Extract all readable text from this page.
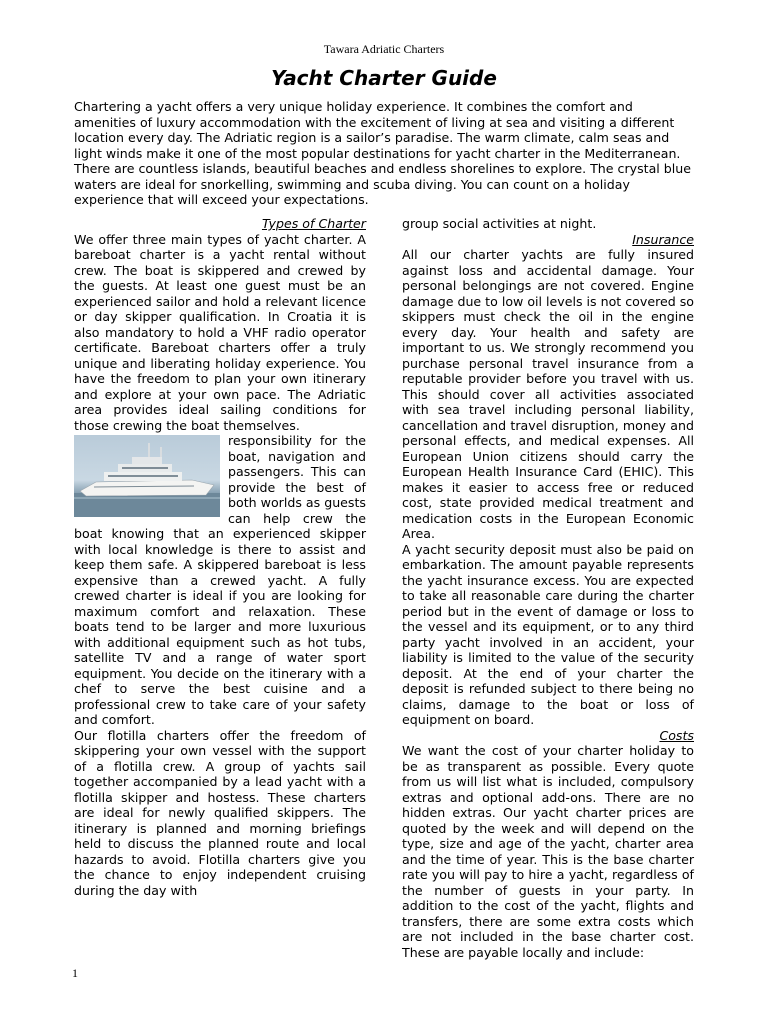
Tawara Adriatic Charters
Yacht Charter Guide

Chartering a yacht offers a very unique holiday experience. It combines the comfort and amenities of luxury accommodation with the excitement of living at sea and visiting a different location every day. The Adriatic region is a sailor’s paradise. The warm climate, calm seas and light winds make it one of the most popular destinations for yacht charter in the Mediterranean. There are countless islands, beautiful beaches and endless shorelines to explore. The crystal blue waters are ideal for snorkelling, swimming and scuba diving. You can count on a holiday experience that will exceed your expectations.

Types of Charter

We offer three main types of yacht charter. A bareboat charter is a yacht rental without crew. The boat is skippered and crewed by the guests. At least one guest must be an experienced sailor and hold a relevant licence or day skipper qualification. In Croatia it is also mandatory to hold a VHF radio operator certificate. Bareboat charters offer a truly unique and liberating holiday experience. You have the freedom to plan your own itinerary and explore at your own pace. The Adriatic area provides ideal sailing conditions for those crewing the boat themselves.

responsibility for the boat, navigation and passengers. This can provide the best of both worlds as guests can help crew the boat knowing that an experienced skipper with local knowledge is there to assist and keep them safe. A skippered bareboat is less expensive than a crewed yacht. A fully crewed charter is ideal if you are looking for maximum comfort and relaxation. These boats tend to be larger and more luxurious with additional equipment such as hot tubs, satellite TV and a range of water sport equipment. You decide on the itinerary with a chef to serve the best cuisine and a professional crew to take care of your safety and comfort.

Our flotilla charters offer the freedom of skippering your own vessel with the support of a flotilla crew. A group of yachts sail together accompanied by a lead yacht with a flotilla skipper and hostess. These charters are ideal for newly qualified skippers. The itinerary is planned and morning briefings held to discuss the planned route and local hazards to avoid. Flotilla charters give you the chance to enjoy independent cruising during the day with

group social activities at night.

Insurance

All our charter yachts are fully insured against loss and accidental damage. Your personal belongings are not covered. Engine damage due to low oil levels is not covered so skippers must check the oil in the engine every day. Your health and safety are important to us. We strongly recommend you purchase personal travel insurance from a reputable provider before you travel with us. This should cover all activities associated with sea travel including personal liability, cancellation and travel disruption, money and personal effects, and medical expenses. All European Union citizens should carry the European Health Insurance Card (EHIC). This makes it easier to access free or reduced cost, state provided medical treatment and medication costs in the European Economic Area.

A yacht security deposit must also be paid on embarkation. The amount payable represents the yacht insurance excess. You are expected to take all reasonable care during the charter period but in the event of damage or loss to the vessel and its equipment, or to any third party yacht involved in an accident, your liability is limited to the value of the security deposit. At the end of your charter the deposit is refunded subject to there being no claims, damage to the boat or loss of equipment on board.

Costs

We want the cost of your charter holiday to be as transparent as possible. Every quote from us will list what is included, compulsory extras and optional add-ons. There are no hidden extras. Our yacht charter prices are quoted by the week and will depend on the type, size and age of the yacht, charter area and the time of year. This is the base charter rate you will pay to hire a yacht, regardless of the number of guests in your party. In addition to the cost of the yacht, flights and transfers, there are some extra costs which are not included in the base charter cost. These are payable locally and include:

1
